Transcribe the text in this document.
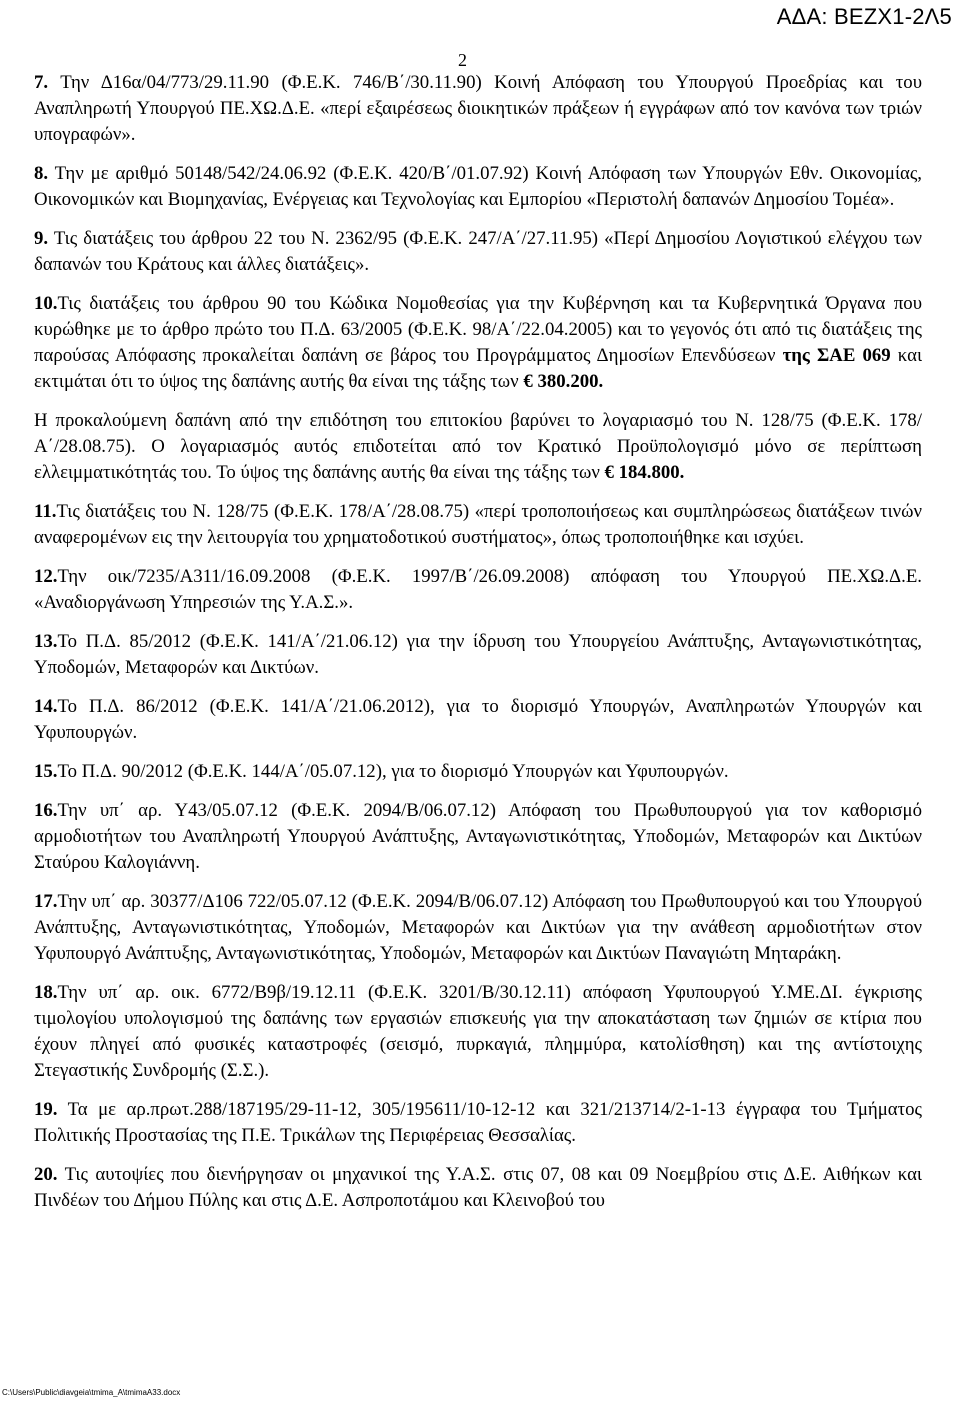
ΑΔΑ: ΒΕΖΧ1-2Λ5
2

7. Την Δ16α/04/773/29.11.90 (Φ.Ε.Κ. 746/Β΄/30.11.90) Κοινή Απόφαση του Υπουργού Προεδρίας και του Αναπληρωτή Υπουργού ΠΕ.ΧΩ.Δ.Ε. «περί εξαιρέσεως διοικητικών πράξεων ή εγγράφων από τον κανόνα των τριών υπογραφών».

8. Την με αριθμό 50148/542/24.06.92 (Φ.Ε.Κ. 420/Β΄/01.07.92) Κοινή Απόφαση των Υπουργών Εθν. Οικονομίας, Οικονομικών και Βιομηχανίας, Ενέργειας και Τεχνολογίας και Εμπορίου «Περιστολή δαπανών Δημοσίου Τομέα».

9. Τις διατάξεις του άρθρου 22 του Ν. 2362/95 (Φ.Ε.Κ. 247/Α΄/27.11.95) «Περί Δημοσίου Λογιστικού ελέγχου των δαπανών του Κράτους και άλλες διατάξεις».

10.Τις διατάξεις του άρθρου 90 του Κώδικα Νομοθεσίας για την Κυβέρνηση και τα Κυβερνητικά Όργανα που κυρώθηκε με το άρθρο πρώτο του Π.Δ. 63/2005 (Φ.Ε.Κ. 98/Α΄/22.04.2005) και το γεγονός ότι από τις διατάξεις της παρούσας Απόφασης προκαλείται δαπάνη σε βάρος του Προγράμματος Δημοσίων Επενδύσεων της ΣΑΕ 069 και εκτιμάται ότι το ύψος της δαπάνης αυτής θα είναι της τάξης των € 380.200.

Η προκαλούμενη δαπάνη από την επιδότηση του επιτοκίου βαρύνει το λογαριασμό του Ν. 128/75 (Φ.Ε.Κ. 178/Α΄/28.08.75). Ο λογαριασμός αυτός επιδοτείται από τον Κρατικό Προϋπολογισμό μόνο σε περίπτωση ελλειμματικότητάς του. Το ύψος της δαπάνης αυτής θα είναι της τάξης των € 184.800.

11.Τις διατάξεις του Ν. 128/75 (Φ.Ε.Κ. 178/Α΄/28.08.75) «περί τροποποιήσεως και συμπληρώσεως διατάξεων τινών αναφερομένων εις την λειτουργία του χρηματοδοτικού συστήματος», όπως τροποποιήθηκε και ισχύει.

12.Την οικ/7235/Α311/16.09.2008 (Φ.Ε.Κ. 1997/Β΄/26.09.2008) απόφαση του Υπουργού ΠΕ.ΧΩ.Δ.Ε. «Αναδιοργάνωση Υπηρεσιών της Υ.Α.Σ.».

13.Το Π.Δ. 85/2012 (Φ.Ε.Κ. 141/Α΄/21.06.12) για την ίδρυση του Υπουργείου Ανάπτυξης, Ανταγωνιστικότητας, Υποδομών, Μεταφορών και Δικτύων.

14.Το Π.Δ. 86/2012 (Φ.Ε.Κ. 141/Α΄/21.06.2012), για το διορισμό Υπουργών, Αναπληρωτών Υπουργών και Υφυπουργών.

15.Το Π.Δ. 90/2012 (Φ.Ε.Κ. 144/Α΄/05.07.12), για το διορισμό Υπουργών και Υφυπουργών.

16.Την υπ΄ αρ. Υ43/05.07.12 (Φ.Ε.Κ. 2094/Β/06.07.12) Απόφαση του Πρωθυπουργού για τον καθορισμό αρμοδιοτήτων του Αναπληρωτή Υπουργού Ανάπτυξης, Ανταγωνιστικότητας, Υποδομών, Μεταφορών και Δικτύων Σταύρου Καλογιάννη.

17.Την υπ΄ αρ. 30377/Δ106 722/05.07.12 (Φ.Ε.Κ. 2094/Β/06.07.12) Απόφαση του Πρωθυπουργού και του Υπουργού Ανάπτυξης, Ανταγωνιστικότητας, Υποδομών, Μεταφορών και Δικτύων για την ανάθεση αρμοδιοτήτων στον Υφυπουργό Ανάπτυξης, Ανταγωνιστικότητας, Υποδομών, Μεταφορών και Δικτύων Παναγιώτη Μηταράκη.

18.Την υπ΄ αρ. οικ. 6772/Β9β/19.12.11 (Φ.Ε.Κ. 3201/Β/30.12.11) απόφαση Υφυπουργού Υ.ΜΕ.ΔΙ. έγκρισης τιμολογίου υπολογισμού της δαπάνης των εργασιών επισκευής για την αποκατάσταση των ζημιών σε κτίρια που έχουν πληγεί από φυσικές καταστροφές (σεισμό, πυρκαγιά, πλημμύρα, κατολίσθηση) και της αντίστοιχης Στεγαστικής Συνδρομής (Σ.Σ.).

19. Τα με αρ.πρωτ.288/187195/29-11-12, 305/195611/10-12-12 και 321/213714/2-1-13 έγγραφα του Τμήματος Πολιτικής Προστασίας της Π.Ε. Τρικάλων της Περιφέρειας Θεσσαλίας.

20. Τις αυτοψίες που διενήργησαν οι μηχανικοί της Υ.Α.Σ. στις 07, 08 και 09 Νοεμβρίου στις Δ.Ε. Αιθήκων και Πινδέων του Δήμου Πύλης και στις Δ.Ε. Ασπροποτάμου και Κλεινοβού του

C:\Users\Public\diavgeia\tmima_A\tmimaA33.docx
